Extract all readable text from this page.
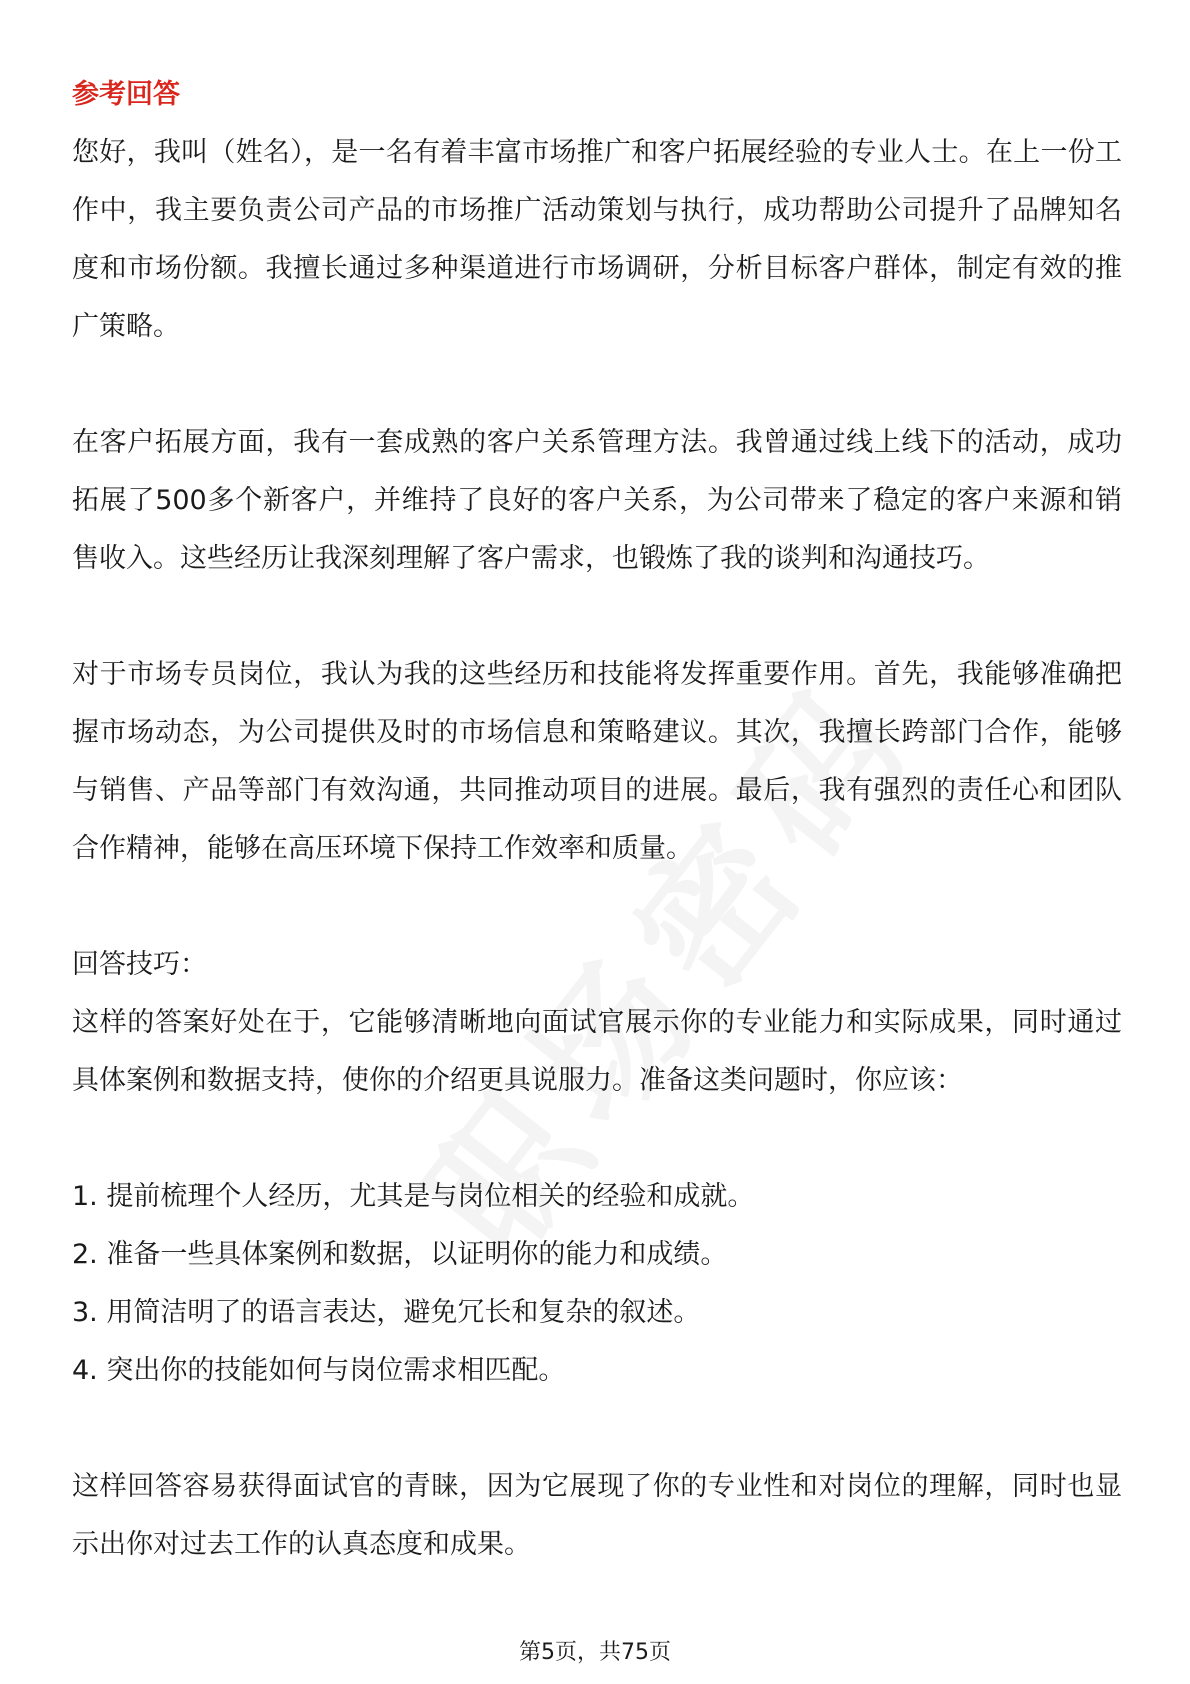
参考回答

您好，我叫（姓名），是一名有着丰富市场推广和客户拓展经验的专业人士。在上一份工作中，我主要负责公司产品的市场推广活动策划与执行，成功帮助公司提升了品牌知名度和市场份额。我擅长通过多种渠道进行市场调研，分析目标客户群体，制定有效的推广策略。

在客户拓展方面，我有一套成熟的客户关系管理方法。我曾通过线上线下的活动，成功拓展了500多个新客户，并维持了良好的客户关系，为公司带来了稳定的客户来源和销售收入。这些经历让我深刻理解了客户需求，也锻炼了我的谈判和沟通技巧。

对于市场专员岗位，我认为我的这些经历和技能将发挥重要作用。首先，我能够准确把握市场动态，为公司提供及时的市场信息和策略建议。其次，我擅长跨部门合作，能够与销售、产品等部门有效沟通，共同推动项目的进展。最后，我有强烈的责任心和团队合作精神，能够在高压环境下保持工作效率和质量。

回答技巧：

这样的答案好处在于，它能够清晰地向面试官展示你的专业能力和实际成果，同时通过具体案例和数据支持，使你的介绍更具说服力。准备这类问题时，你应该：

1. 提前梳理个人经历，尤其是与岗位相关的经验和成就。
2. 准备一些具体案例和数据，以证明你的能力和成绩。
3. 用简洁明了的语言表达，避免冗长和复杂的叙述。
4. 突出你的技能如何与岗位需求相匹配。

这样回答容易获得面试官的青睐，因为它展现了你的专业性和对岗位的理解，同时也显示出你对过去工作的认真态度和成果。

第5页，共75页
